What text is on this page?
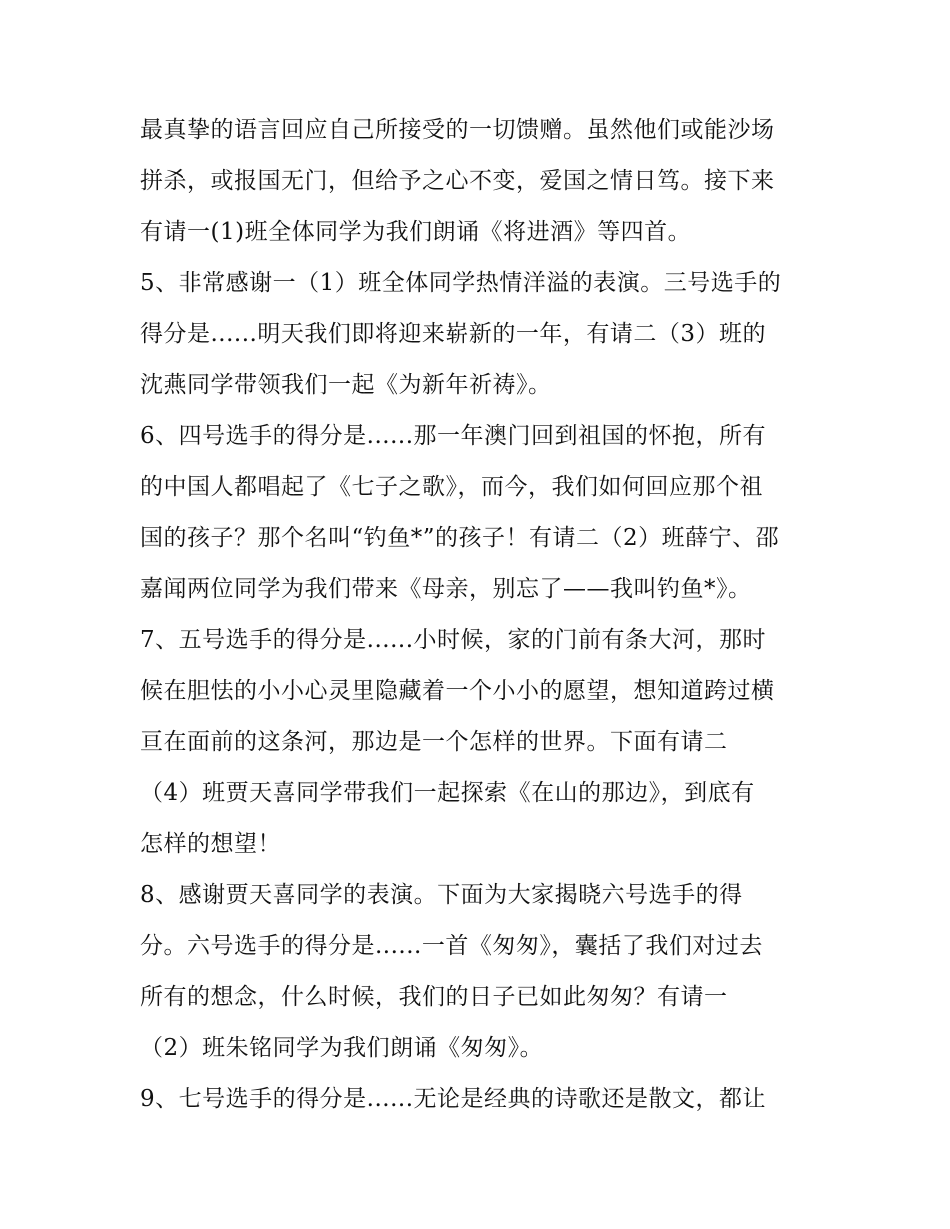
最真挚的语言回应自己所接受的一切馈赠。虽然他们或能沙场
拼杀，或报国无门，但给予之心不变，爱国之情日笃。接下来
有请一(1)班全体同学为我们朗诵《将进酒》等四首。
5、非常感谢一（1）班全体同学热情洋溢的表演。三号选手的
得分是......明天我们即将迎来崭新的一年，有请二（3）班的
沈燕同学带领我们一起《为新年祈祷》。
6、四号选手的得分是......那一年澳门回到祖国的怀抱，所有
的中国人都唱起了《七子之歌》，而今，我们如何回应那个祖
国的孩子？那个名叫“钓鱼*”的孩子！有请二（2）班薛宁、邵
嘉闻两位同学为我们带来《母亲，别忘了——我叫钓鱼*》。
7、五号选手的得分是......小时候，家的门前有条大河，那时
候在胆怯的小小心灵里隐藏着一个小小的愿望，想知道跨过横
亘在面前的这条河，那边是一个怎样的世界。下面有请二
（4）班贾天喜同学带我们一起探索《在山的那边》，到底有
怎样的想望！
8、感谢贾天喜同学的表演。下面为大家揭晓六号选手的得
分。六号选手的得分是......一首《匆匆》，囊括了我们对过去
所有的想念，什么时候，我们的日子已如此匆匆？有请一
（2）班朱铭同学为我们朗诵《匆匆》。
9、七号选手的得分是......无论是经典的诗歌还是散文，都让
